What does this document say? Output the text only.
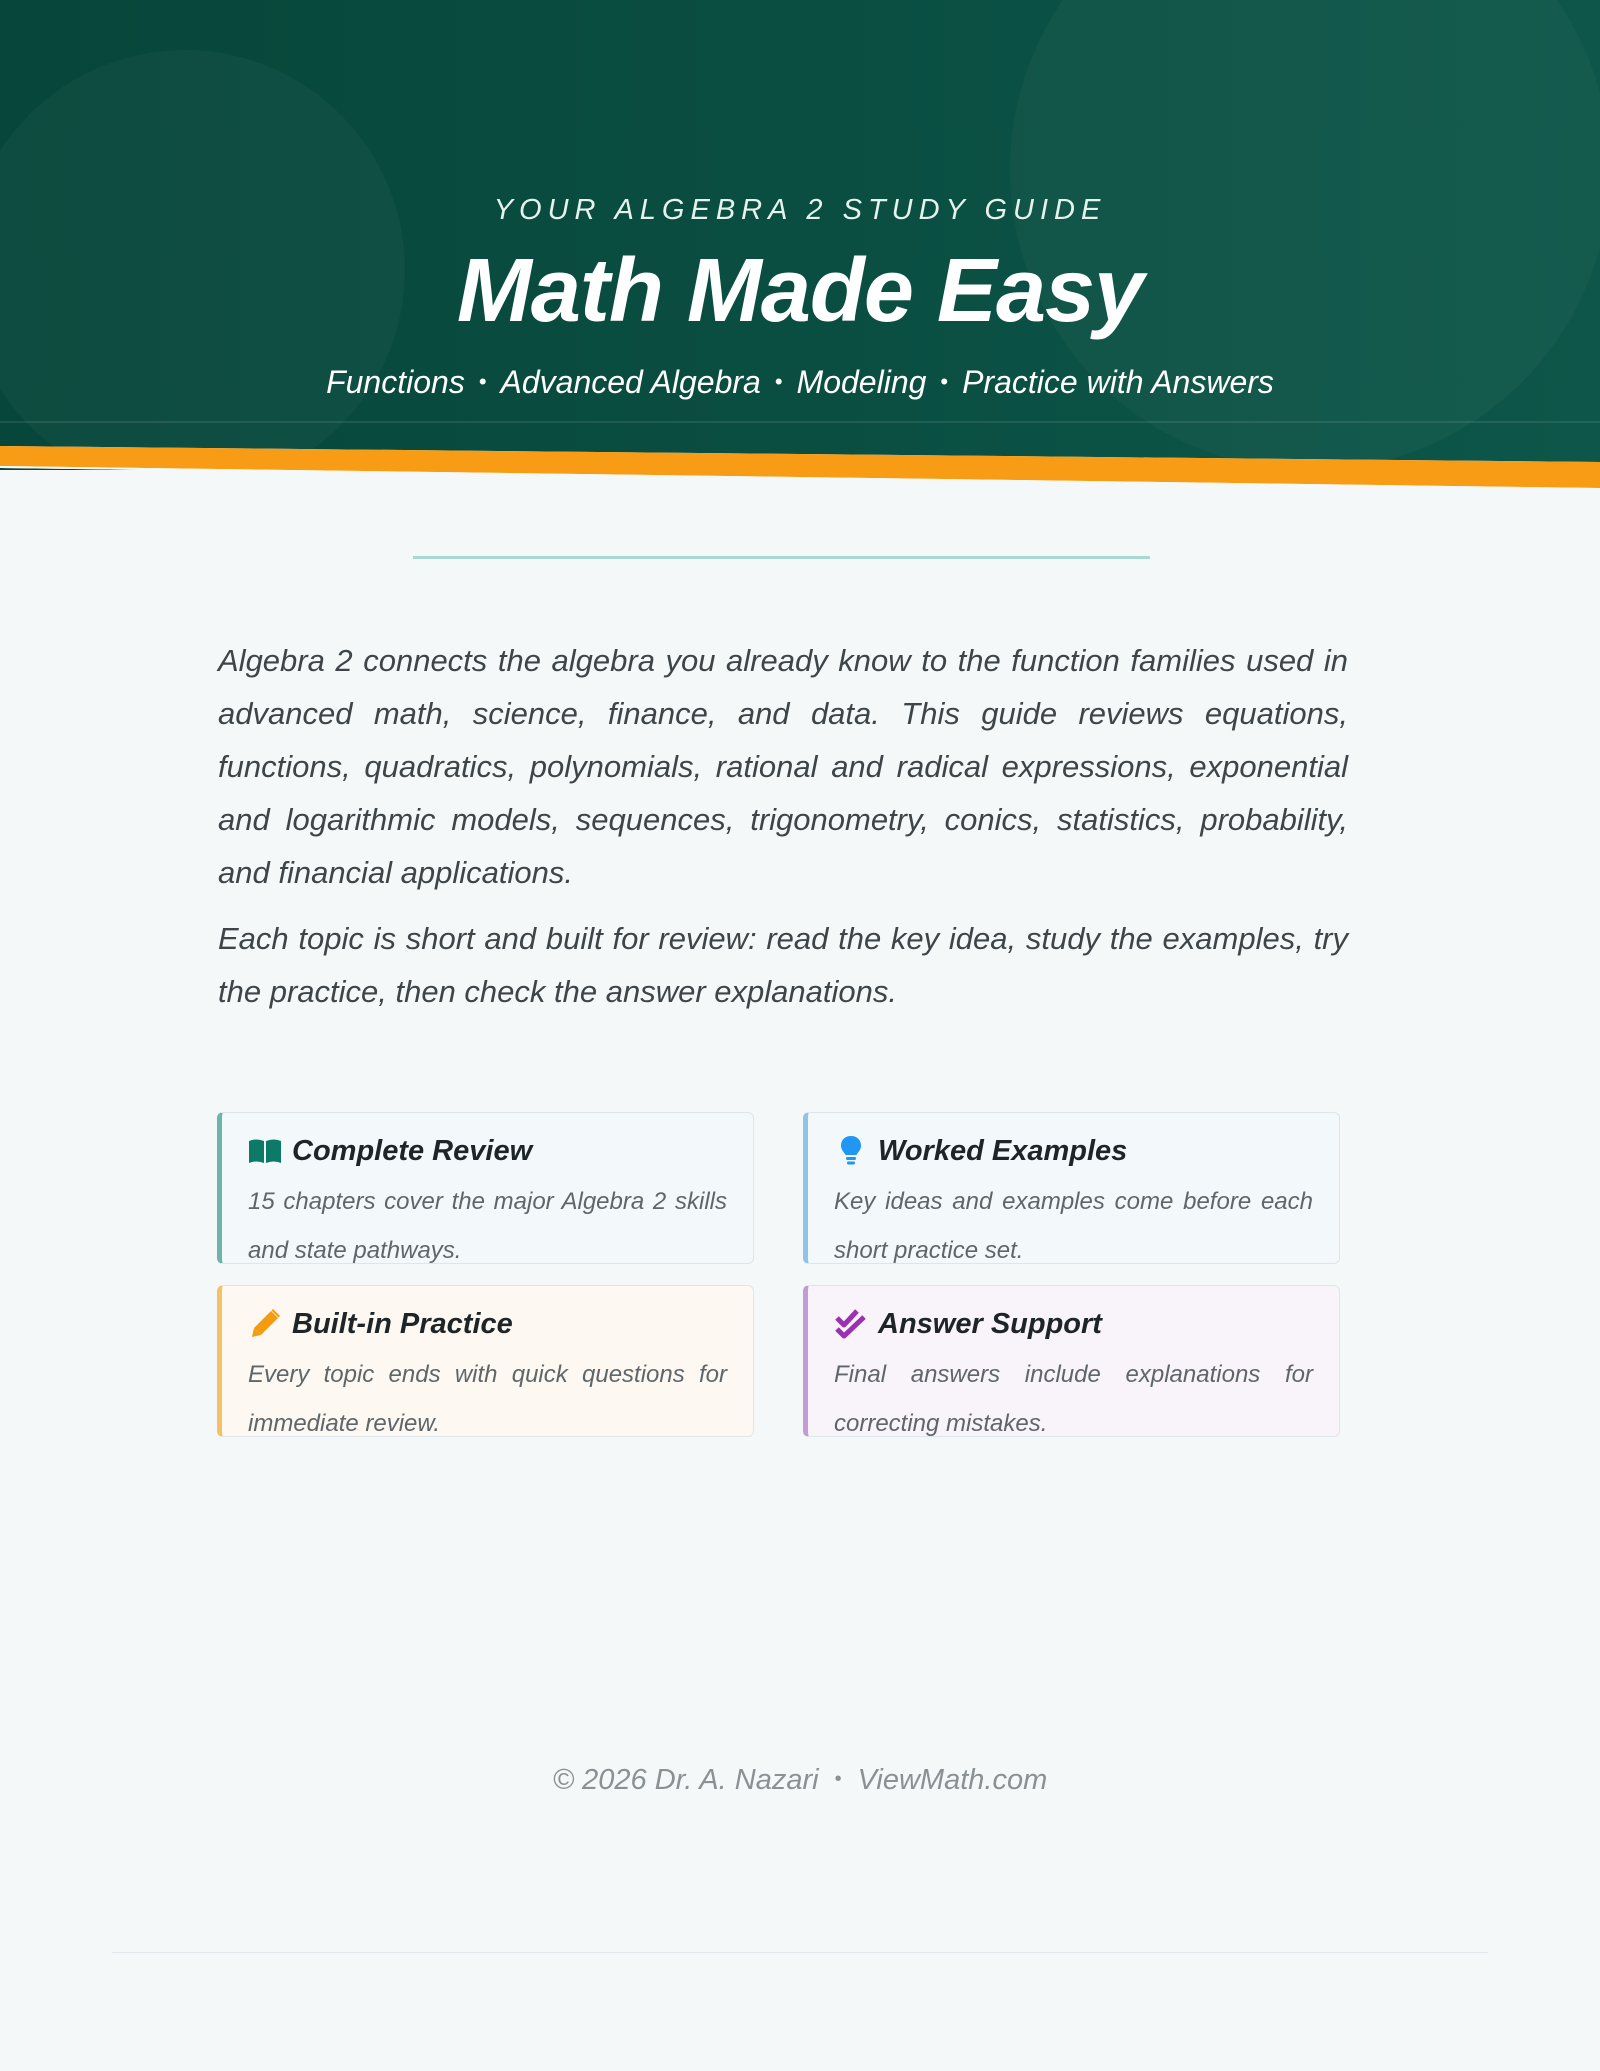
YOUR ALGEBRA 2 STUDY GUIDE
Math Made Easy
Functions • Advanced Algebra • Modeling • Practice with Answers

Algebra 2 connects the algebra you already know to the function families used in advanced math, science, finance, and data. This guide reviews equations, functions, quadratics, polynomials, rational and radical expressions, exponential and logarithmic models, sequences, trigonometry, conics, statistics, probability, and financial applications.

Each topic is short and built for review: read the key idea, study the examples, try the practice, then check the answer explanations.

Complete Review
15 chapters cover the major Algebra 2 skills and state pathways.
Worked Examples
Key ideas and examples come before each short practice set.
Built-in Practice
Every topic ends with quick questions for immediate review.
Answer Support
Final answers include explanations for correcting mistakes.
© 2026 Dr. A. Nazari • ViewMath.com
